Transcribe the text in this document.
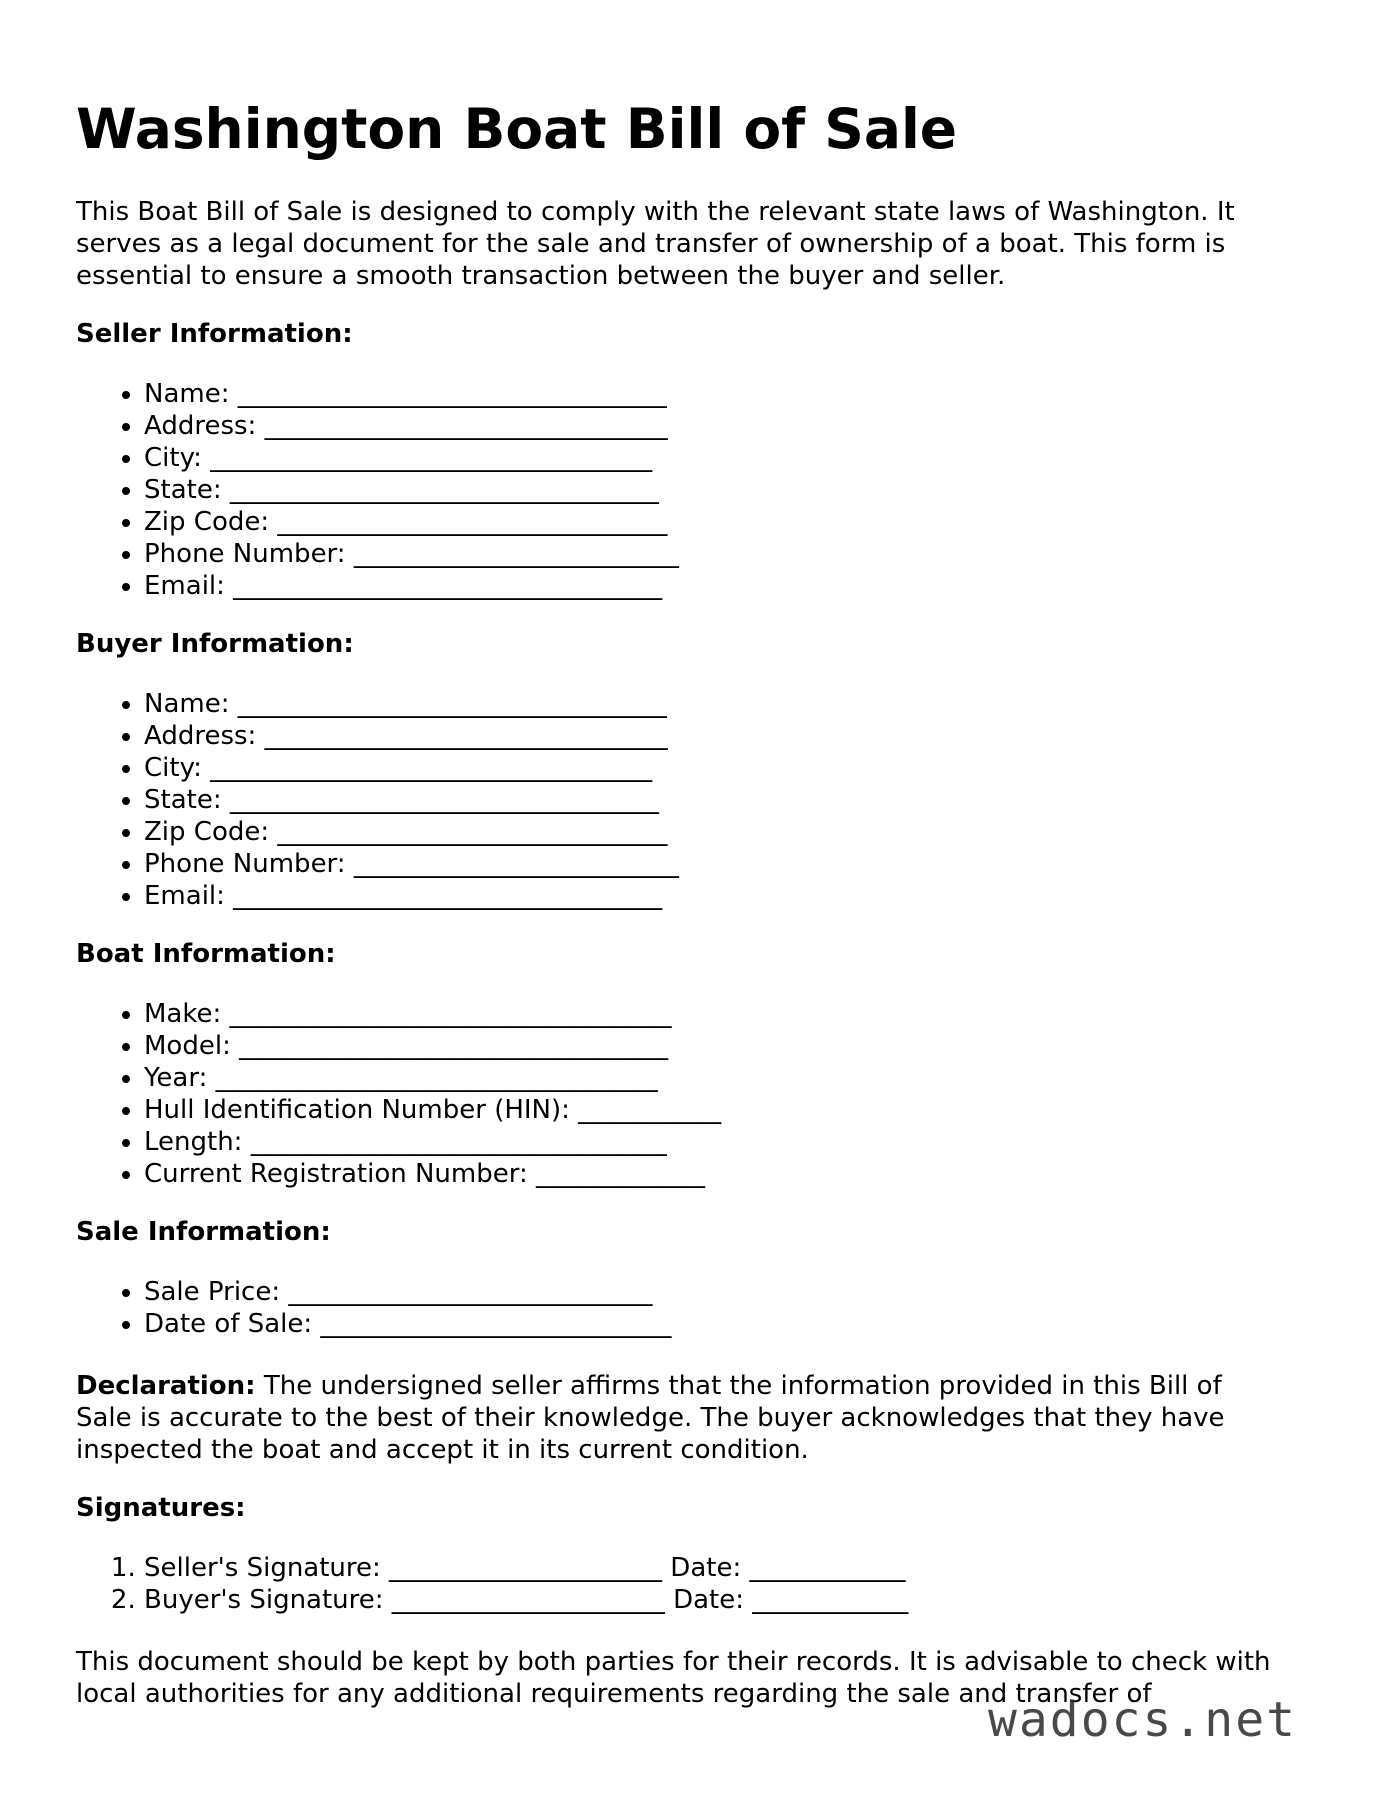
Washington Boat Bill of Sale

This Boat Bill of Sale is designed to comply with the relevant state laws of Washington. It serves as a legal document for the sale and transfer of ownership of a boat. This form is essential to ensure a smooth transaction between the buyer and seller.

Seller Information:

• Name: _________________________________
• Address: _______________________________
• City: __________________________________
• State: _________________________________
• Zip Code: ______________________________
• Phone Number: _________________________
• Email: _________________________________

Buyer Information:

• Name: _________________________________
• Address: _______________________________
• City: __________________________________
• State: _________________________________
• Zip Code: ______________________________
• Phone Number: _________________________
• Email: _________________________________

Boat Information:

• Make: __________________________________
• Model: _________________________________
• Year: __________________________________
• Hull Identification Number (HIN): ___________
• Length: ________________________________
• Current Registration Number: _____________

Sale Information:

• Sale Price: ____________________________
• Date of Sale: ___________________________

Declaration: The undersigned seller affirms that the information provided in this Bill of Sale is accurate to the best of their knowledge. The buyer acknowledges that they have inspected the boat and accept it in its current condition.

Signatures:

1. Seller's Signature: _____________________ Date: ____________
2. Buyer's Signature: _____________________ Date: ____________

This document should be kept by both parties for their records. It is advisable to check with local authorities for any additional requirements regarding the sale and transfer of

wadocs.net
